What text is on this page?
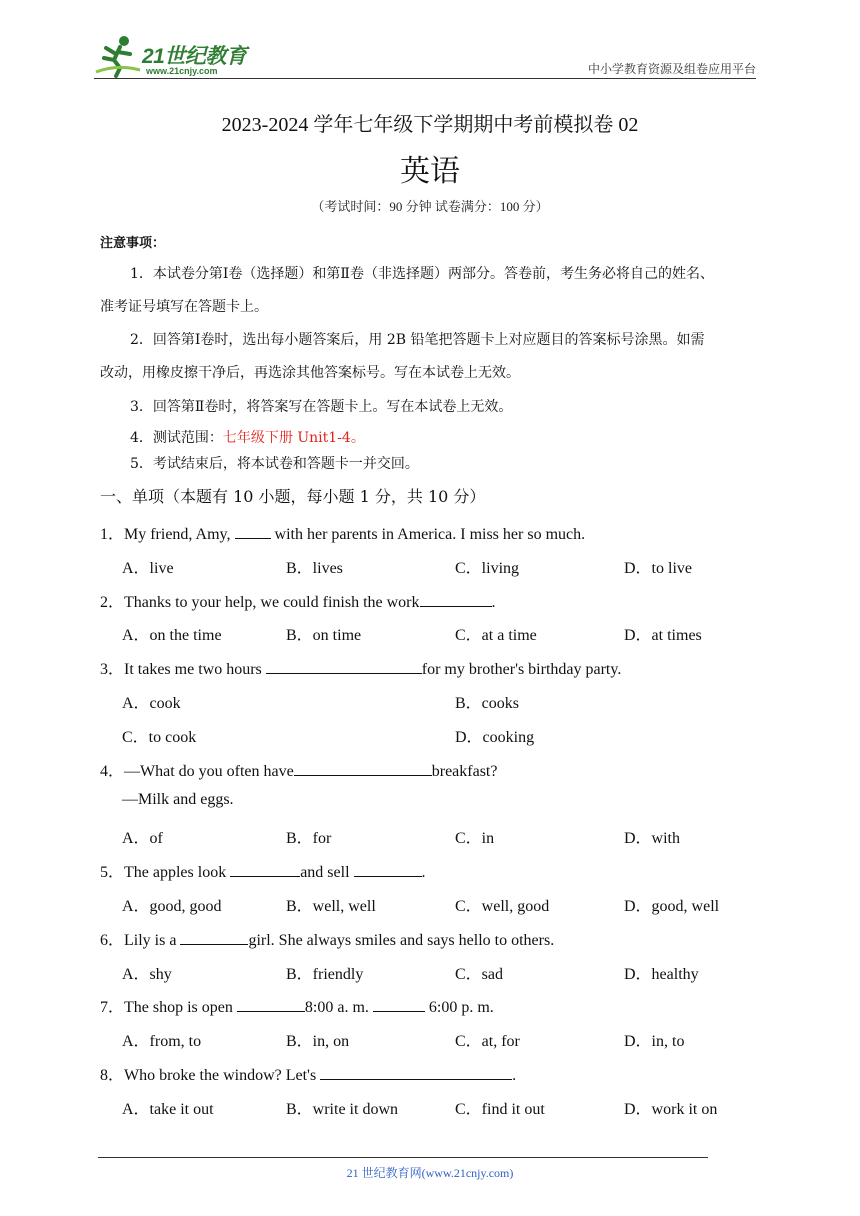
21世纪教育
www.21cnjy.com	中小学教育资源及组卷应用平台
2023-2024 学年七年级下学期期中考前模拟卷 02
英语
（考试时间：90 分钟 试卷满分：100 分）
注意事项：
1．本试卷分第Ⅰ卷（选择题）和第Ⅱ卷（非选择题）两部分。答卷前，考生务必将自己的姓名、
准考证号填写在答题卡上。
2．回答第Ⅰ卷时，选出每小题答案后，用 2B 铅笔把答题卡上对应题目的答案标号涂黑。如需
改动，用橡皮擦干净后，再选涂其他答案标号。写在本试卷上无效。
3．回答第Ⅱ卷时，将答案写在答题卡上。写在本试卷上无效。
4．测试范围：七年级下册 Unit1-4。
5．考试结束后，将本试卷和答题卡一并交回。
一、单项（本题有 10 小题，每小题 1 分，共 10 分）
1．My friend, Amy,  with her parents in America. I miss her so much.
A．live	B．lives	C．living	D．to live
2．Thanks to your help, we could finish the work	.
A．on the time	B．on time	C．at a time	D．at times
3．It takes me two hours	for my brother's birthday party.
A．cook	B．cooks
C．to cook	D．cooking
4．—What do you often have	breakfast?
—Milk and eggs.
A．of	B．for	C．in	D．with
5．The apples look	and sell	.
A．good, good	B．well, well	C．well, good	D．good, well
6．Lily is a	girl. She always smiles and says hello to others.
A．shy	B．friendly	C．sad	D．healthy
7．The shop is open	8:00 a. m.	6:00 p. m.
A．from, to	B．in, on	C．at, for	D．in, to
8．Who broke the window? Let's	.
A．take it out	B．write it down	C．find it out	D．work it on
21 世纪教育网(www.21cnjy.com)
